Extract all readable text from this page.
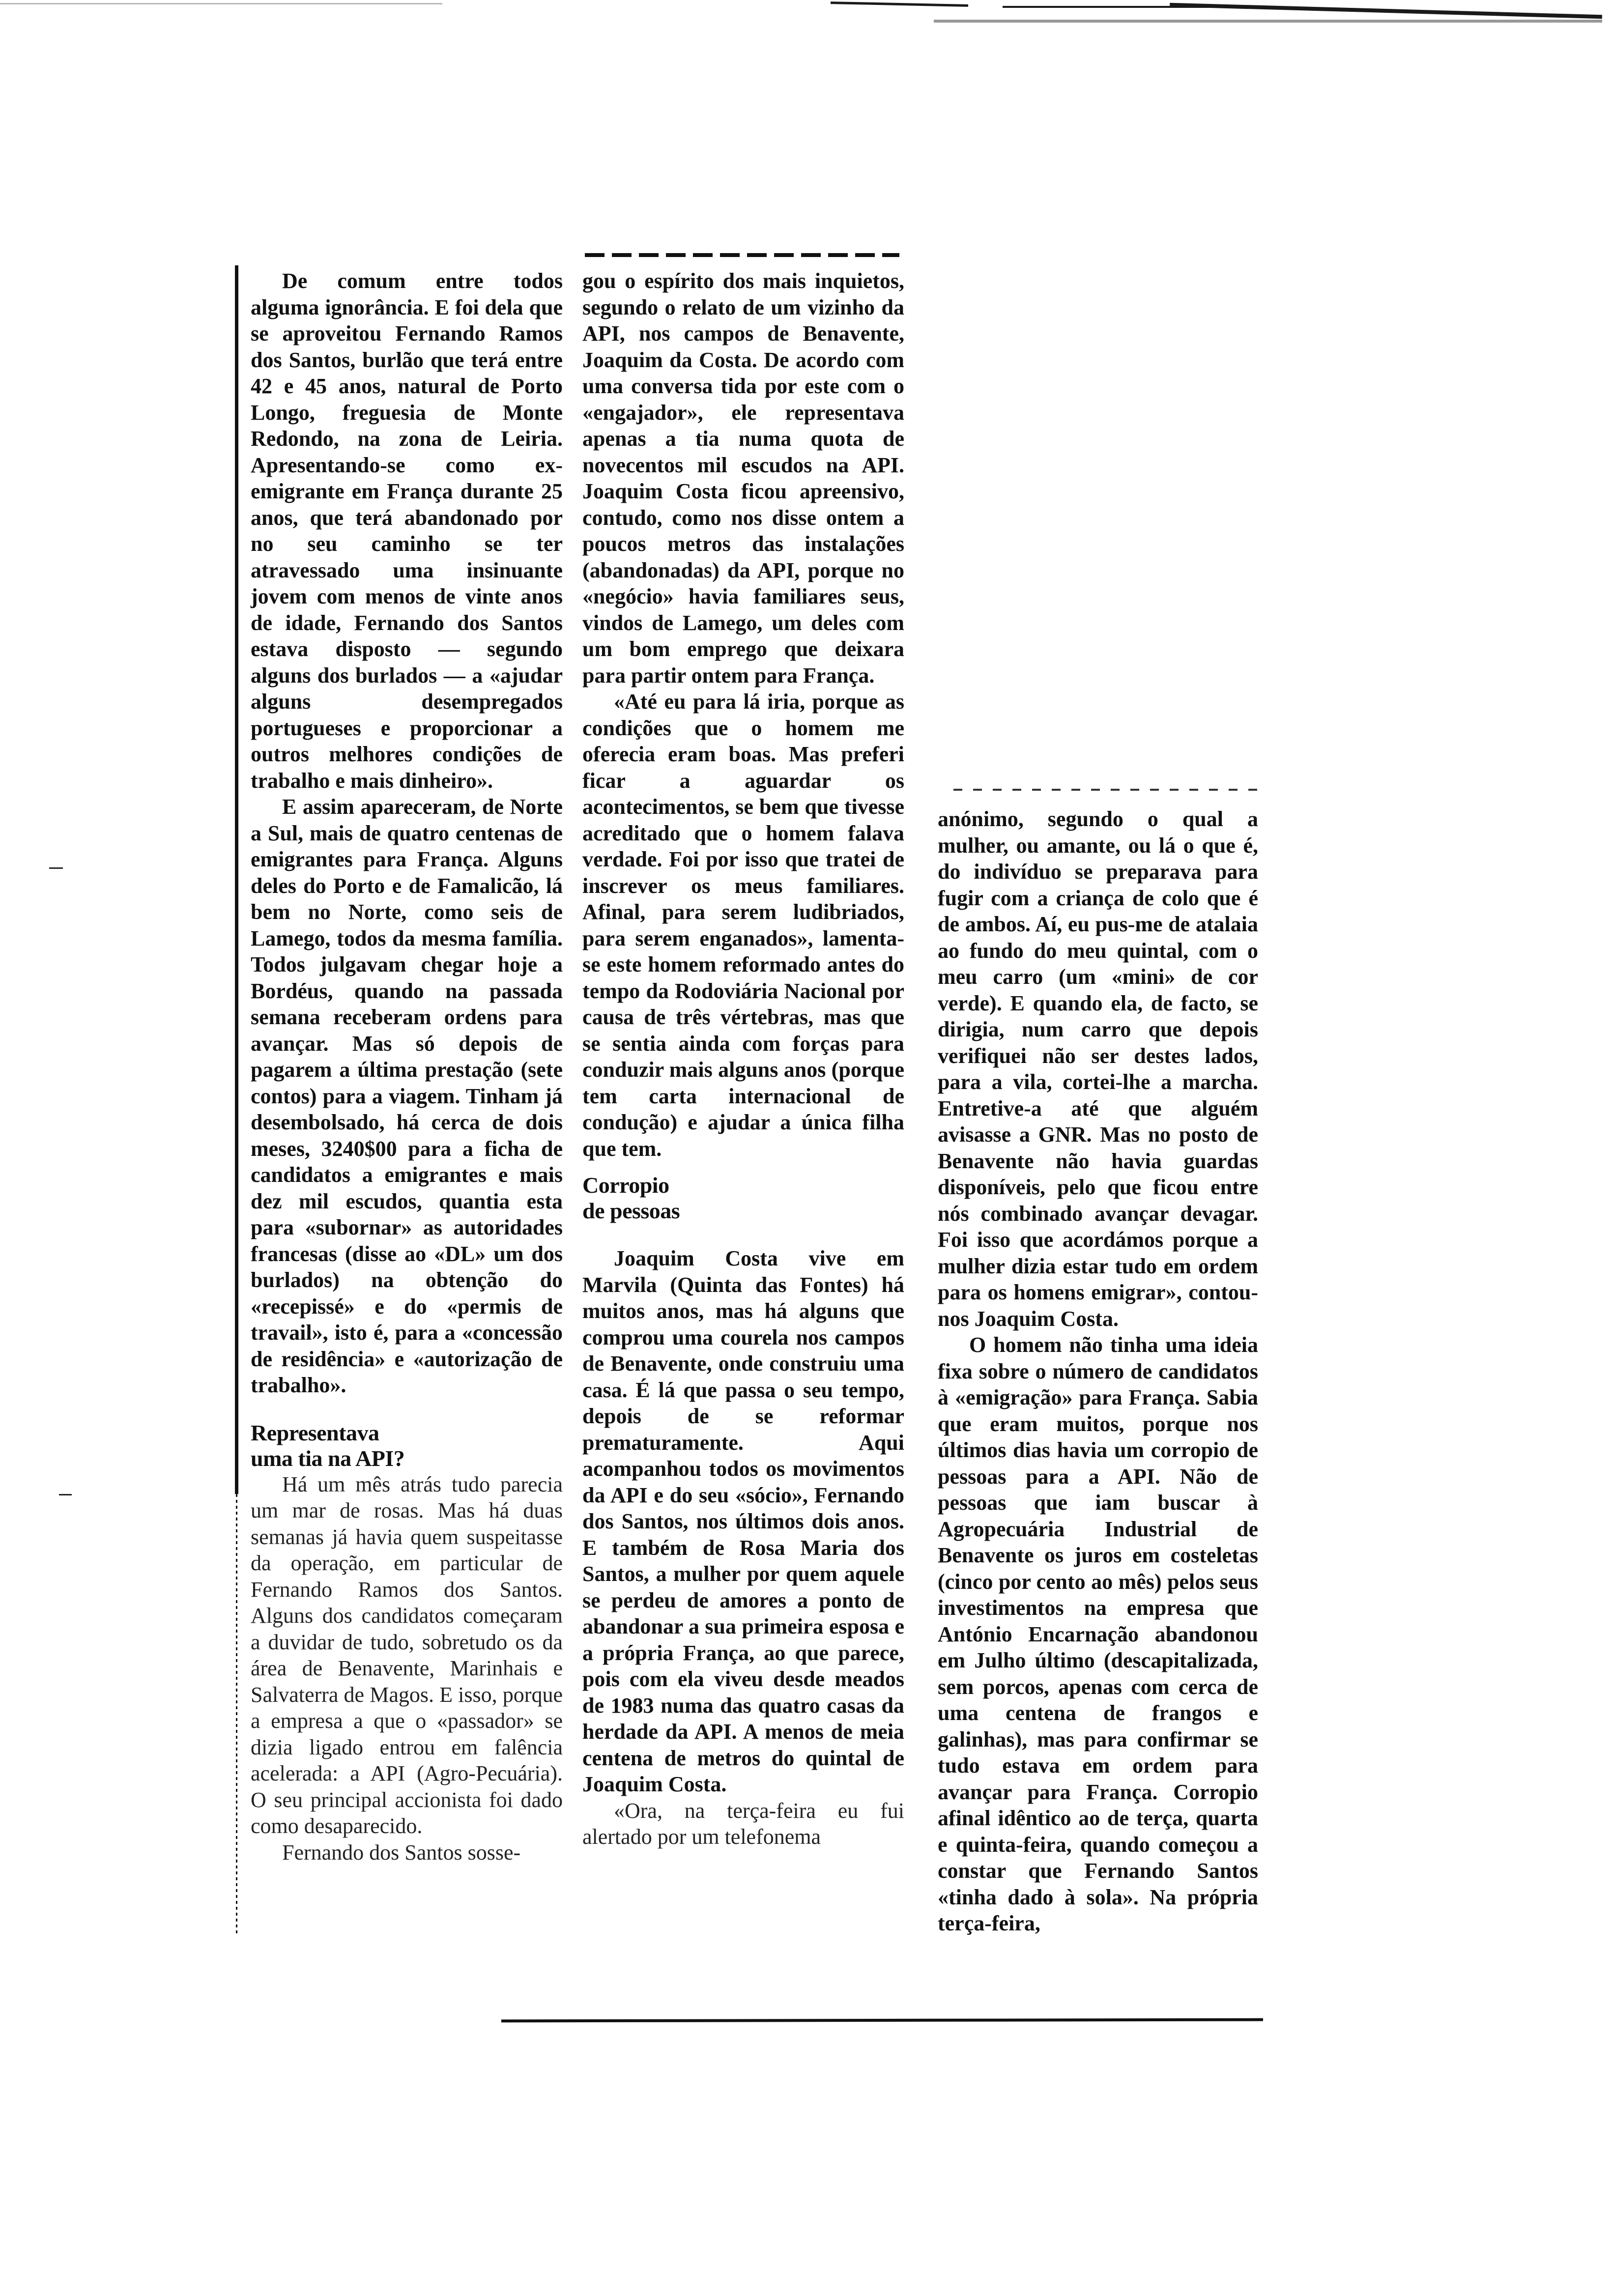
De comum entre todos alguma ignorância. E foi dela que se aproveitou Fernando Ramos dos Santos, burlão que terá entre 42 e 45 anos, natural de Porto Longo, freguesia de Monte Redondo, na zona de Leiria. Apresentando-se como ex-emigrante em França durante 25 anos, que terá abandonado por no seu caminho se ter atravessado uma insinuante jovem com menos de vinte anos de idade, Fernando dos Santos estava disposto — segundo alguns dos burlados — a «ajudar alguns desempregados portugueses e proporcionar a outros melhores condições de trabalho e mais dinheiro».

E assim apareceram, de Norte a Sul, mais de quatro centenas de emigrantes para França. Alguns deles do Porto e de Famalicão, lá bem no Norte, como seis de Lamego, todos da mesma família. Todos julgavam chegar hoje a Bordéus, quando na passada semana receberam ordens para avançar. Mas só depois de pagarem a última prestação (sete contos) para a viagem. Tinham já desembolsado, há cerca de dois meses, 3240$00 para a ficha de candidatos a emigrantes e mais dez mil escudos, quantia esta para «subornar» as autoridades francesas (disse ao «DL» um dos burlados) na obtenção do «recepissé» e do «permis de travail», isto é, para a «concessão de residência» e «autorização de trabalho».

Representava
uma tia na API?

Há um mês atrás tudo parecia um mar de rosas. Mas há duas semanas já havia quem suspeitasse da operação, em particular de Fernando Ramos dos Santos. Alguns dos candidatos começaram a duvidar de tudo, sobretudo os da área de Benavente, Marinhais e Salvaterra de Magos. E isso, porque a empresa a que o «passador» se dizia ligado entrou em falência acelerada: a API (Agro-Pecuária). O seu principal accionista foi dado como desaparecido.

Fernando dos Santos sosse-

gou o espírito dos mais inquietos, segundo o relato de um vizinho da API, nos campos de Benavente, Joaquim da Costa. De acordo com uma conversa tida por este com o «engajador», ele representava apenas a tia numa quota de novecentos mil escudos na API. Joaquim Costa ficou apreensivo, contudo, como nos disse ontem a poucos metros das instalações (abandonadas) da API, porque no «negócio» havia familiares seus, vindos de Lamego, um deles com um bom emprego que deixara para partir ontem para França.

«Até eu para lá iria, porque as condições que o homem me oferecia eram boas. Mas preferi ficar a aguardar os acontecimentos, se bem que tivesse acreditado que o homem falava verdade. Foi por isso que tratei de inscrever os meus familiares. Afinal, para serem ludibriados, para serem enganados», lamenta-se este homem reformado antes do tempo da Rodoviária Nacional por causa de três vértebras, mas que se sentia ainda com forças para conduzir mais alguns anos (porque tem carta internacional de condução) e ajudar a única filha que tem.

Corropio
de pessoas

Joaquim Costa vive em Marvila (Quinta das Fontes) há muitos anos, mas há alguns que comprou uma courela nos campos de Benavente, onde construiu uma casa. É lá que passa o seu tempo, depois de se reformar prematuramente. Aqui acompanhou todos os movimentos da API e do seu «sócio», Fernando dos Santos, nos últimos dois anos. E também de Rosa Maria dos Santos, a mulher por quem aquele se perdeu de amores a ponto de abandonar a sua primeira esposa e a própria França, ao que parece, pois com ela viveu desde meados de 1983 numa das quatro casas da herdade da API. A menos de meia centena de metros do quintal de Joaquim Costa.

«Ora, na terça-feira eu fui alertado por um telefonema

anónimo, segundo o qual a mulher, ou amante, ou lá o que é, do indivíduo se preparava para fugir com a criança de colo que é de ambos. Aí, eu pus-me de atalaia ao fundo do meu quintal, com o meu carro (um «mini» de cor verde). E quando ela, de facto, se dirigia, num carro que depois verifiquei não ser destes lados, para a vila, cortei-lhe a marcha. Entretive-a até que alguém avisasse a GNR. Mas no posto de Benavente não havia guardas disponíveis, pelo que ficou entre nós combinado avançar devagar. Foi isso que acordámos porque a mulher dizia estar tudo em ordem para os homens emigrar», contou-nos Joaquim Costa.

O homem não tinha uma ideia fixa sobre o número de candidatos à «emigração» para França. Sabia que eram muitos, porque nos últimos dias havia um corropio de pessoas para a API. Não de pessoas que iam buscar à Agropecuária Industrial de Benavente os juros em costeletas (cinco por cento ao mês) pelos seus investimentos na empresa que António Encarnação abandonou em Julho último (descapitalizada, sem porcos, apenas com cerca de uma centena de frangos e galinhas), mas para confirmar se tudo estava em ordem para avançar para França. Corropio afinal idêntico ao de terça, quarta e quinta-feira, quando começou a constar que Fernando Santos «tinha dado à sola». Na própria terça-feira,
